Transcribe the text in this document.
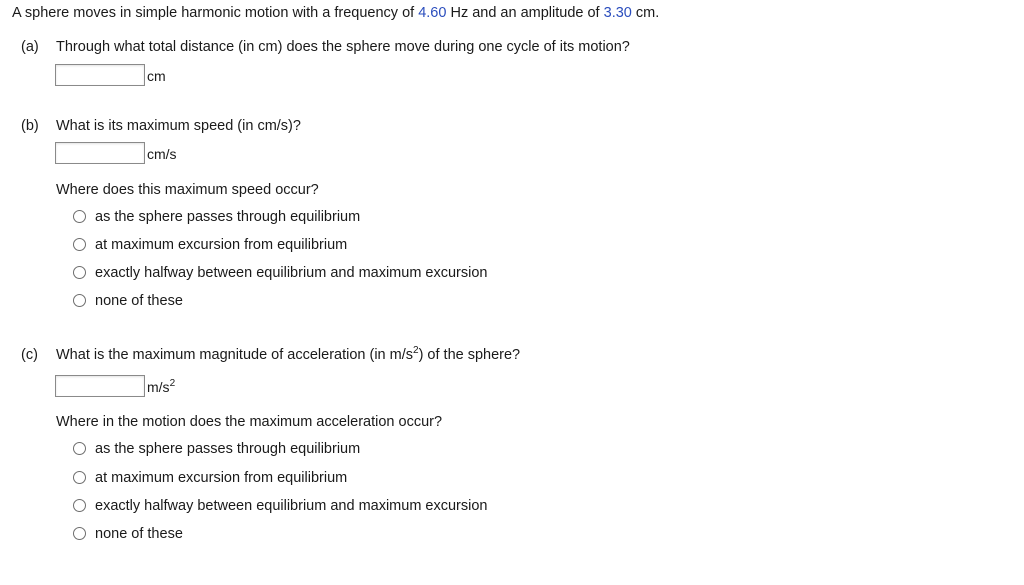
A sphere moves in simple harmonic motion with a frequency of 4.60 Hz and an amplitude of 3.30 cm.
(a) Through what total distance (in cm) does the sphere move during one cycle of its motion?
cm
(b) What is its maximum speed (in cm/s)?
cm/s
Where does this maximum speed occur?
as the sphere passes through equilibrium
at maximum excursion from equilibrium
exactly halfway between equilibrium and maximum excursion
none of these
(c) What is the maximum magnitude of acceleration (in $m/s^2$) of the sphere?
$m/s^2$
Where in the motion does the maximum acceleration occur?
as the sphere passes through equilibrium
at maximum excursion from equilibrium
exactly halfway between equilibrium and maximum excursion
none of these
